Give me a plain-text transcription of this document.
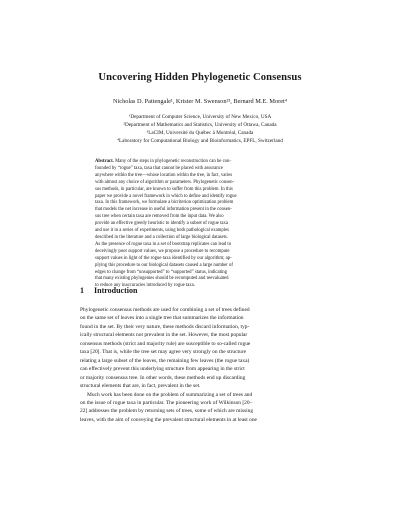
Uncovering Hidden Phylogenetic Consensus
Nicholas D. Pattengale¹, Krister M. Swenson²³, Bernard M.E. Moret⁴
¹Department of Computer Science, University of New Mexico, USA
²Department of Mathematics and Statistics, University of Ottawa, Canada
³LaCIM, Université du Québec à Montréal, Canada
⁴Laboratory for Computational Biology and Bioinformatics, EPFL, Switzerland
Abstract. Many of the steps in phylogenetic reconstruction can be con-
founded by “rogue” taxa, taxa that cannot be placed with assurance
anywhere within the tree—whose location within the tree, in fact, varies
with almost any choice of algorithm or parameters. Phylogenetic consen-
sus methods, in particular, are known to suffer from this problem. In this
paper we provide a novel framework in which to define and identify rogue
taxa. In this framework, we formulate a bicriterion optimization problem
that models the net increase in useful information present in the consen-
sus tree when certain taxa are removed from the input data. We also
provide an effective greedy heuristic to identify a subset of rogue taxa
and use it in a series of experiments, using both pathological examples
described in the literature and a collection of large biological datasets.
As the presence of rogue taxa in a set of bootstrap replicates can lead to
deceivingly poor support values, we propose a procedure to recompute
support values in light of the rogue taxa identified by our algorithm; ap-
plying this procedure to our biological datasets caused a large number of
edges to change from “unsupported” to “supported” status, indicating
that many existing phylogenies should be recomputed and reevaluated
to reduce any inaccuracies introduced by rogue taxa.
1 Introduction
Phylogenetic consensus methods are used for combining a set of trees defined
on the same set of leaves into a single tree that summarizes the information
found in the set. By their very nature, these methods discard information, typ-
ically structural elements not prevalent in the set. However, the most popular
consensus methods (strict and majority rule) are susceptible to so-called rogue
taxa [20]. That is, while the tree set may agree very strongly on the structure
relating a large subset of the leaves, the remaining few leaves (the rogue taxa)
can effectively prevent this underlying structure from appearing in the strict
or majority consensus tree. In other words, these methods end up discarding
structural elements that are, in fact, prevalent in the set.
Much work has been done on the problem of summarizing a set of trees and
on the issue of rogue taxa in particular. The pioneering work of Wilkinson [20–
22] addresses the problem by returning sets of trees, some of which are missing
leaves, with the aim of conveying the prevalent structural elements in at least one
